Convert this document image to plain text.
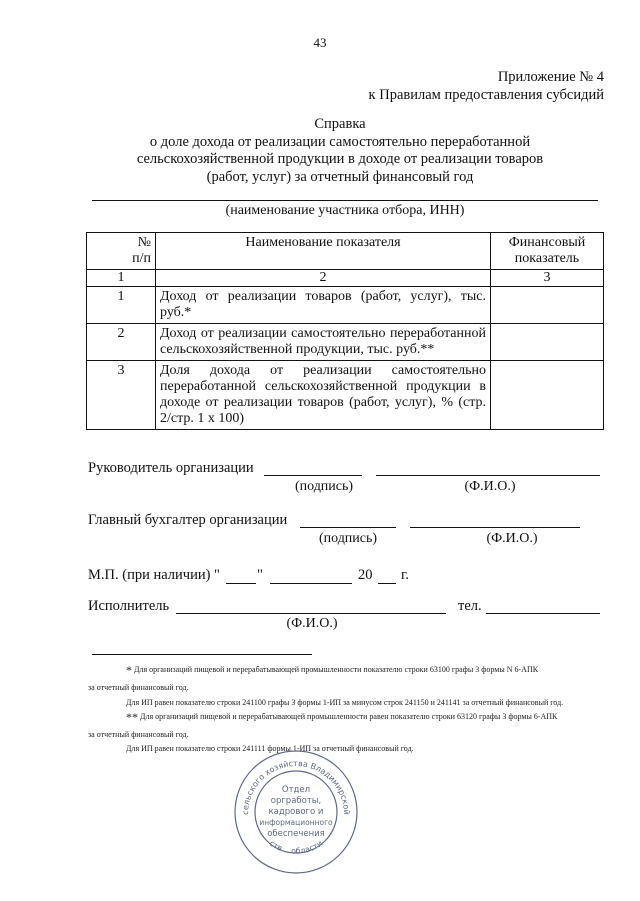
43
Приложение № 4
к Правилам предоставления субсидий
Справка
о доле дохода от реализации самостоятельно переработанной
сельскохозяйственной продукции в доходе от реализации товаров
(работ, услуг) за отчетный финансовый год
(наименование участника отбора, ИНН)
№
п/п	Наименование показателя	Финансовый показатель
1	2	3
1	Доход от реализации товаров (работ, услуг), тыс. руб.*	
2	Доход от реализации самостоятельно переработанной сельскохозяйственной продукции, тыс. руб.**	
3	Доля дохода от реализации самостоятельно переработанной сельскохозяйственной продукции в доходе от реализации товаров (работ, услуг), % (стр. 2/стр. 1 х 100)	
Руководитель организации
(подпись)	(Ф.И.О.)
Главный бухгалтер организации
(подпись)	(Ф.И.О.)
М.П. (при наличии) "	"	20 г.
Исполнитель	тел.
(Ф.И.О.)
* Для организаций пищевой и перерабатывающей промышленности показателю строки 63100 графы 3 формы N 6-АПК
за отчетный финансовый год.
Для ИП равен показателю строки 241100 графы 3 формы 1-ИП за минусом строк 241150 и 241141 за отчетный финансовый год.
** Для организаций пищевой и перерабатывающей промышленности равен показателю строки 63120 графы 3 формы 6-АПК
за отчетный финансовый год.
Для ИП равен показателю строки 241111 формы 1-ИП за отчетный финансовый год.
сельского хозяйства Владимирской
ств... области
Отдел
оргработы,
кадрового и
информационного
обеспечения
